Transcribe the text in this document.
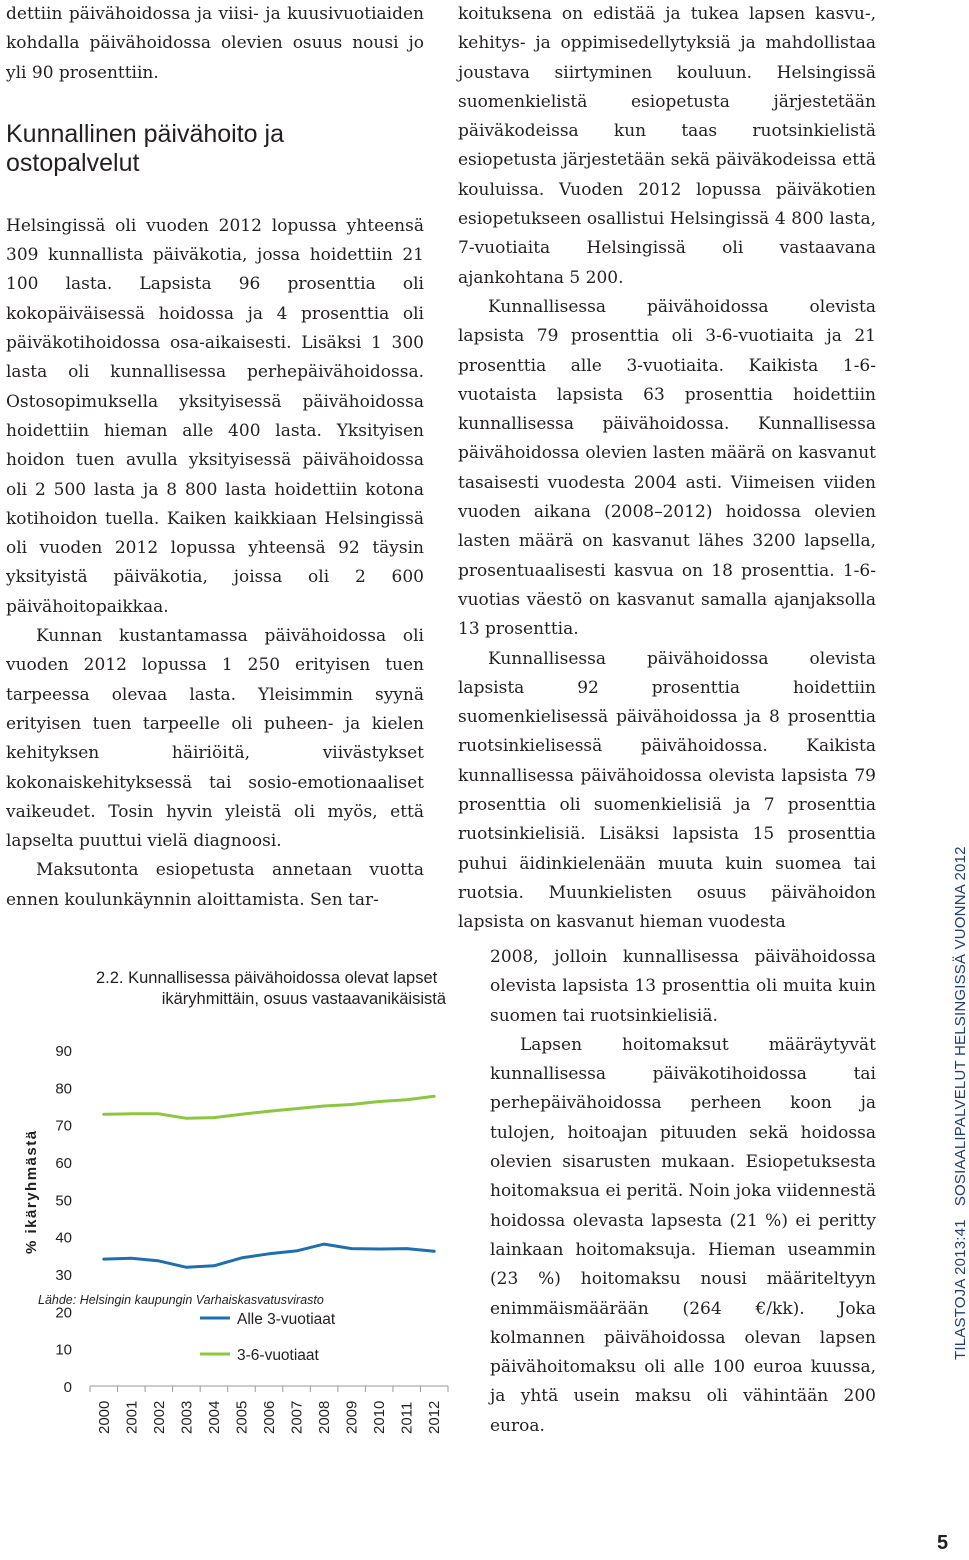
dettiin päivähoidossa ja viisi- ja kuusivuotiaiden kohdalla päivähoidossa olevien osuus nousi jo yli 90 prosenttiin.

Kunnallinen päivähoito ja ostopalvelut

Helsingissä oli vuoden 2012 lopussa yhteensä 309 kunnallista päiväkotia, jossa hoidettiin 21 100 lasta. Lapsista 96 prosenttia oli kokopäiväisessä hoidossa ja 4 prosenttia oli päiväkotihoidossa osa-aikaisesti. Lisäksi 1 300 lasta oli kunnallisessa perhepäivähoidossa. Ostosopimuksella yksityisessä päivähoidossa hoidettiin hieman alle 400 lasta. Yksityisen hoidon tuen avulla yksityisessä päivähoidossa oli 2 500 lasta ja 8 800 lasta hoidettiin kotona kotihoidon tuella. Kaiken kaikkiaan Helsingissä oli vuoden 2012 lopussa yhteensä 92 täysin yksityistä päiväkotia, joissa oli 2 600 päivähoitopaikkaa.

Kunnan kustantamassa päivähoidossa oli vuoden 2012 lopussa 1 250 erityisen tuen tarpeessa olevaa lasta. Yleisimmin syynä erityisen tuen tarpeelle oli puheen- ja kielen kehityksen häiriöitä, viivästykset kokonaiskehityksessä tai sosio-emotionaaliset vaikeudet. Tosin hyvin yleistä oli myös, että lapselta puuttui vielä diagnoosi.

Maksutonta esiopetusta annetaan vuotta ennen koulunkäynnin aloittamista. Sen tar-

koituksena on edistää ja tukea lapsen kasvu-, kehitys- ja oppimisedellytyksiä ja mahdollistaa joustava siirtyminen kouluun. Helsingissä suomenkielistä esiopetusta järjestetään päiväkodeissa kun taas ruotsinkielistä esiopetusta järjestetään sekä päiväkodeissa että kouluissa. Vuoden 2012 lopussa päiväkotien esiopetukseen osallistui Helsingissä 4 800 lasta, 7-vuotiaita Helsingissä oli vastaavana ajankohtana 5 200.

Kunnallisessa päivähoidossa olevista lapsista 79 prosenttia oli 3-6-vuotiaita ja 21 prosenttia alle 3-vuotiaita. Kaikista 1-6-vuotaista lapsista 63 prosenttia hoidettiin kunnallisessa päivähoidossa. Kunnallisessa päivähoidossa olevien lasten määrä on kasvanut tasaisesti vuodesta 2004 asti. Viimeisen viiden vuoden aikana (2008–2012) hoidossa olevien lasten määrä on kasvanut lähes 3200 lapsella, prosentuaalisesti kasvua on 18 prosenttia. 1-6-vuotias väestö on kasvanut samalla ajanjaksolla 13 prosenttia.

Kunnallisessa päivähoidossa olevista lapsista 92 prosenttia hoidettiin suomenkielisessä päivähoidossa ja 8 prosenttia ruotsinkielisessä päivähoidossa. Kaikista kunnallisessa päivähoidossa olevista lapsista 79 prosenttia oli suomenkielisiä ja 7 prosenttia ruotsinkielisiä. Lisäksi lapsista 15 prosenttia puhui äidinkielenään muuta kuin suomea tai ruotsia. Muunkielisten osuus päivähoidon lapsista on kasvanut hieman vuodesta

2008, jolloin kunnallisessa päivähoidossa olevista lapsista 13 prosenttia oli muita kuin suomen tai ruotsinkielisiä.

Lapsen hoitomaksut määräytyvät kunnallisessa päiväkotihoidossa tai perhepäivähoidossa perheen koon ja tulojen, hoitoajan pituuden sekä hoidossa olevien sisarusten mukaan. Esiopetuksesta hoitomaksua ei peritä. Noin joka viidennestä hoidossa olevasta lapsesta (21 %) ei peritty lainkaan hoitomaksuja. Hieman useammin (23 %) hoitomaksu nousi määriteltyyn enimmäismäärään (264 €/kk). Joka kolmannen päivähoidossa olevan lapsen päivähoitomaksu oli alle 100 euroa kuussa, ja yhtä usein maksu oli vähintään 200 euroa.

2.2. Kunnallisessa päivähoidossa olevat lapset
ikäryhmittäin, osuus vastaavanikäisistä
% ikäryhmästä
0
10
20
30
40
50
60
70
80
90
2000 2001 2002 2003 2004 2005 2006 2007 2008 2009 2010 2011 2012
Alle 3-vuotiaat
3-6-vuotiaat
Lähde: Helsingin kaupungin Varhaiskasvatusvirasto	TILASTOJA 2013:41   SOSIAALIPALVELUT HELSINGISSÄ VUONNA 2012
5
